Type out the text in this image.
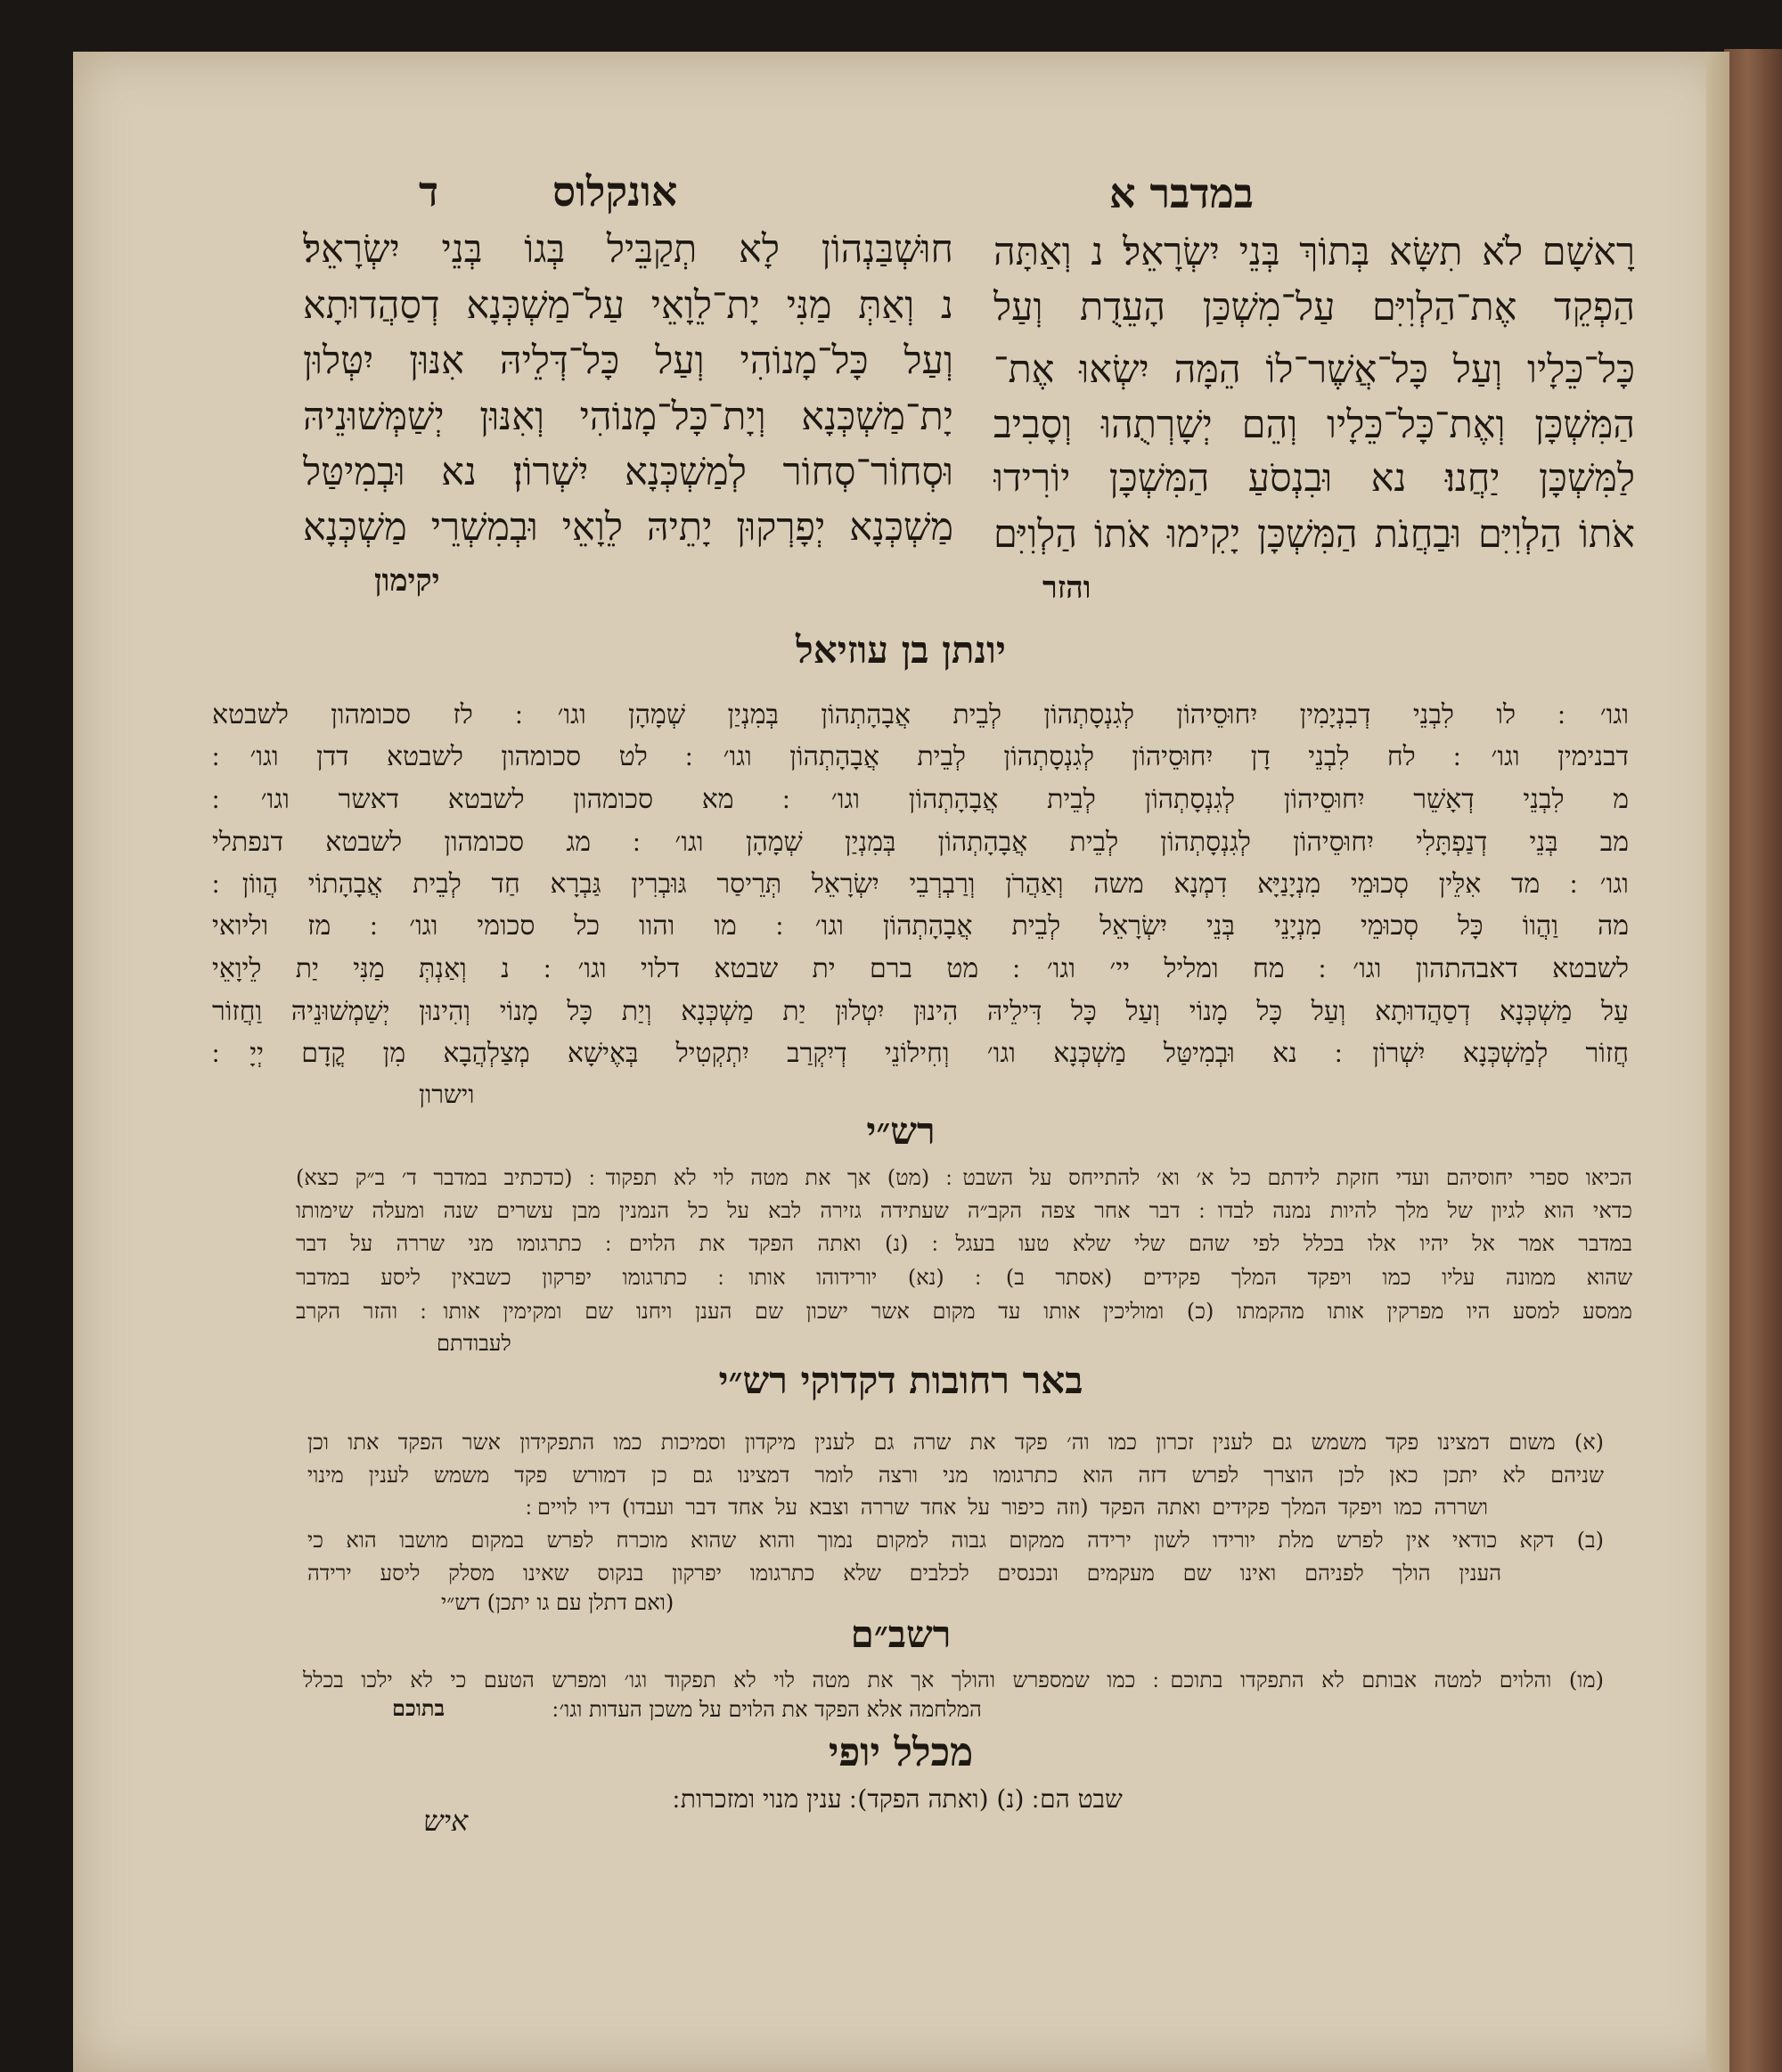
במדבר א
אונקלוס
ד
רָאשָׁם לֹא תִשָּׂא בְּתוֹךְ בְּנֵי יִשְׂרָאֵל׃ נ וְאַתָּה
הַפְקֵד אֶת־הַלְוִיִּם עַל־מִשְׁכַּן הָעֵדֻת וְעַל
כָּל־כֵּלָיו וְעַל כָּל־אֲשֶׁר־לוֹ הֵמָּה יִשְׂאוּ אֶת־
הַמִּשְׁכָּן וְאֶת־כָּל־כֵּלָיו וְהֵם יְשָׁרְתֻהוּ וְסָבִיב
לַמִּשְׁכָּן יַחֲנוּ׃ נא וּבִנְסֹעַ הַמִּשְׁכָּן יוֹרִידוּ
אֹתוֹ הַלְוִיִּם וּבַחֲנֹת הַמִּשְׁכָּן יָקִימוּ אֹתוֹ הַלְוִיִּם
והזר
חוּשְׁבַּנְהוֹן לָא תְקַבֵּיל בְּגוֹ בְּנֵי יִשְׂרָאֵל׃
נ וְאַתְּ מַנִּי יָת־לֵוָאֵי עַל־מַשְׁכְּנָא דְסַהֲדוּתָא
וְעַל כָּל־מָנוֹהִי וְעַל כָּל־דְּלֵיהּ אִנּוּן יִטְּלוּן
יָת־מַשְׁכְּנָא וְיָת־כָּל־מָנוֹהִי וְאִנּוּן יְשַׁמְּשׁוּנֵיהּ
וּסְחוֹר־סְחוֹר לְמַשְׁכְּנָא יִשְׁרוֹן׃ נא וּבְמִיטַּל
מַשְׁכְּנָא יְפָרְקוּן יָתֵיהּ לֵוָאֵי וּבְמִשְׁרֵי מַשְׁכְּנָא
יקימון
יונתן בן עוזיאל
וגו׳ ׃ לו לִבְנֵי דְבִנְיָמִין יִחוּסֵיהוֹן לְגִנְסָתְהוֹן לְבֵית אֲבָהָתְהוֹן בְּמִנְיַן שְׁמָהָן וגו׳ ׃ לז סכומהון לשבטא
דבנימין וגו׳ ׃ לח לִבְנֵי דָן יִחוּסֵיהוֹן לְגִנְסָתְהוֹן לְבֵית אֲבָהָתְהוֹן וגו׳ ׃ לט סכומהון לשבטא דדן וגו׳ ׃
מ לִבְנֵי דְאָשֵׁר יִחוּסֵיהוֹן לְגִנְסָתְהוֹן לְבֵית אֲבָהָתְהוֹן וגו׳ ׃ מא סכומהון לשבטא דאשר וגו׳ ׃
מב בְּנֵי דְנַפְתָּלִי יִחוּסֵיהוֹן לְגִנְסָתְהוֹן לְבֵית אֲבָהָתְהוֹן בְּמִנְיַן שְׁמָהָן וגו׳ ׃ מג סכומהון לשבטא דנפתלי
וגו׳ ׃ מד אִלֵּין סְכוּמֵי מִנְיָנַיָּא דִמְנָא משה וְאַהֲרֹן וְרַבְרְבֵי יִשְׂרָאֵל תְּרֵיסַר גּוּבְרִין גַּבְרָא חַד לְבֵית אֲבָהָתוֹי הֲווֹן ׃
מה וַהֲווֹ כָּל סְכוּמֵי מִנְיָנֵי בְּנֵי יִשְׂרָאֵל לְבֵית אֲבָהָתְהוֹן וגו׳ ׃ מו והוו כל סכומי וגו׳ ׃ מז וליואי
לשבטא דאבהתהון וגו׳ ׃ מח ומליל יי׳ וגו׳ ׃ מט ברם ית שבטא דלוי וגו׳ ׃ נ וְאַנְתְּ מַנִּי יַת לֵיוָאֵי
עַל מַשְׁכְּנָא דְסַהֲדוּתָא וְעַל כָּל מָנוֹי וְעַל כָּל דִּילֵיהּ הִינוּן יִטְלוּן יַת מַשְׁכְּנָא וְיַת כָּל מָנוֹי וְהִינוּן יְשַׁמְשׁוּנֵיהּ וַחֲזוֹר
חֲזוֹר לְמַשְׁכְּנָא יִשְׁרוֹן ׃ נא וּבְמִיטַּל מַשְׁכְּנָא וגו׳ וְחִילוֹנֵי דְיִקְרַב יִתְקְטִיל בְּאֶישָׁא מְצַלְהֲבָא מִן קֳדָם יְיָ ׃
וישרון
רש״י
הכיאו ספרי יחוסיהם ועדי חזקת לידתם כל א׳ וא׳ להתייחס על השבט ׃ (מט) אך את מטה לוי לא תפקוד ׃ (כדכתיב במדבר ד׳ ב״ק כצא)
כדאי הוא לגיון של מלך להיות נמנה לבדו ׃ דבר אחר צפה הקב״ה שעתידה גזירה לבא על כל הנמנין מבן עשרים שנה ומעלה שימותו
במדבר אמר אל יהיו אלו בכלל לפי שהם שלי שלא טעו בעגל ׃ (נ) ואתה הפקד את הלוים ׃ כתרגומו מני שררה על דבר
שהוא ממונה עליו כמו ויפקד המלך פקידים (אסתר ב) ׃ (נא) יורידוהו אותו ׃ כתרגומו יפרקון כשבאין ליסע במדבר
ממסע למסע היו מפרקין אותו מהקמתו (כ) ומוליכין אותו עד מקום אשר ישכון שם הענן ויחנו שם ומקימין אותו ׃ והזר הקרב
לעבודתם
באר רחובות דקדוקי רש״י
(א) משום דמצינו פקד משמש גם לענין זכרון כמו וה׳ פקד את שרה גם לענין מיקדון וסמיכות כמו התפקידון אשר הפקד אתו וכן
שניהם לא יתכן כאן לכן הוצרך לפרש דזה הוא כתרגומו מני ורצה לומר דמצינו גם כן דמורש פקד משמש לענין מינוי
ושררה כמו ויפקד המלך פקידים ואתה הפקד (וזה כיפור על אחד שררה וצבא על אחד דבר ועבדו) דיו לויים ׃
(ב) דקא כודאי אין לפרש מלת יורידו לשון ירידה ממקום גבוה למקום נמוך והוא שהוא מוכרח לפרש במקום מושבו הוא כי
הענין הולך לפניהם ואינו שם מעקמים ונכנסים לכלבים שלא כתרגומו יפרקון בנקוס שאינו מסלק ליסע ירידה
(ואם דתלן עם גו יתכן) דש״י
רשב״ם
(מו) והלוים למטה אבותם לא התפקדו בתוכם ׃ כמו שמספרש והולך אך את מטה לוי לא תפקוד וגו׳ ומפרש הטעם כי לא ילכו בכלל
המלחמה אלא הפקד את הלוים על משכן העדות וגו׳ ׃
בתוכם
מכלל יופי
שבט הם ׃ (נ) (ואתה הפקד) ׃ ענין מנוי ומזכרות ׃
איש
